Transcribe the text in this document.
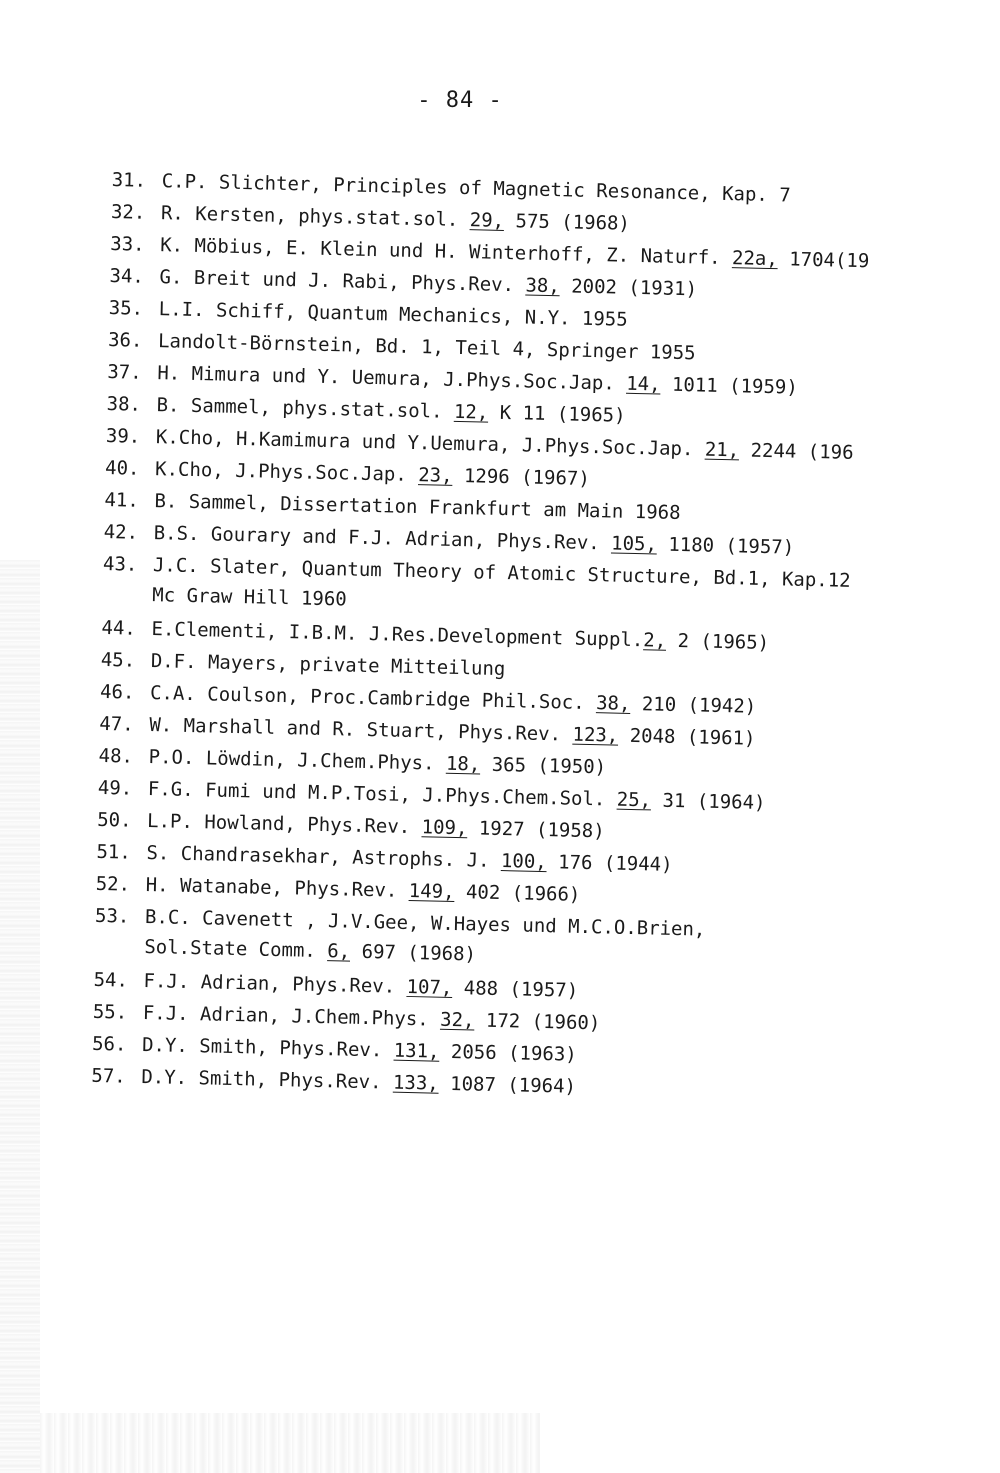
- 84 -
31. C.P. Slichter, Principles of Magnetic Resonance, Kap. 7
32. R. Kersten, phys.stat.sol. 29, 575 (1968)
33. K. Möbius, E. Klein und H. Winterhoff, Z. Naturf. 22a, 1704(19
34. G. Breit und J. Rabi, Phys.Rev. 38, 2002 (1931)
35. L.I. Schiff, Quantum Mechanics, N.Y. 1955
36. Landolt-Börnstein, Bd. 1, Teil 4, Springer 1955
37. H. Mimura und Y. Uemura, J.Phys.Soc.Jap. 14, 1011 (1959)
38. B. Sammel, phys.stat.sol. 12, K 11 (1965)
39. K.Cho, H.Kamimura und Y.Uemura, J.Phys.Soc.Jap. 21, 2244 (196
40. K.Cho, J.Phys.Soc.Jap. 23, 1296 (1967)
41. B. Sammel, Dissertation Frankfurt am Main 1968
42. B.S. Gourary and F.J. Adrian, Phys.Rev. 105, 1180 (1957)
43. J.C. Slater, Quantum Theory of Atomic Structure, Bd.1, Kap.12
Mc Graw Hill 1960
44. E.Clementi, I.B.M. J.Res.Development Suppl.2, 2 (1965)
45. D.F. Mayers, private Mitteilung
46. C.A. Coulson, Proc.Cambridge Phil.Soc. 38, 210 (1942)
47. W. Marshall and R. Stuart, Phys.Rev. 123, 2048 (1961)
48. P.O. Löwdin, J.Chem.Phys. 18, 365 (1950)
49. F.G. Fumi und M.P.Tosi, J.Phys.Chem.Sol. 25, 31 (1964)
50. L.P. Howland, Phys.Rev. 109, 1927 (1958)
51. S. Chandrasekhar, Astrophs. J. 100, 176 (1944)
52. H. Watanabe, Phys.Rev. 149, 402 (1966)
53. B.C. Cavenett , J.V.Gee, W.Hayes und M.C.O.Brien,
Sol.State Comm. 6, 697 (1968)
54. F.J. Adrian, Phys.Rev. 107, 488 (1957)
55. F.J. Adrian, J.Chem.Phys. 32, 172 (1960)
56. D.Y. Smith, Phys.Rev. 131, 2056 (1963)
57. D.Y. Smith, Phys.Rev. 133, 1087 (1964)
